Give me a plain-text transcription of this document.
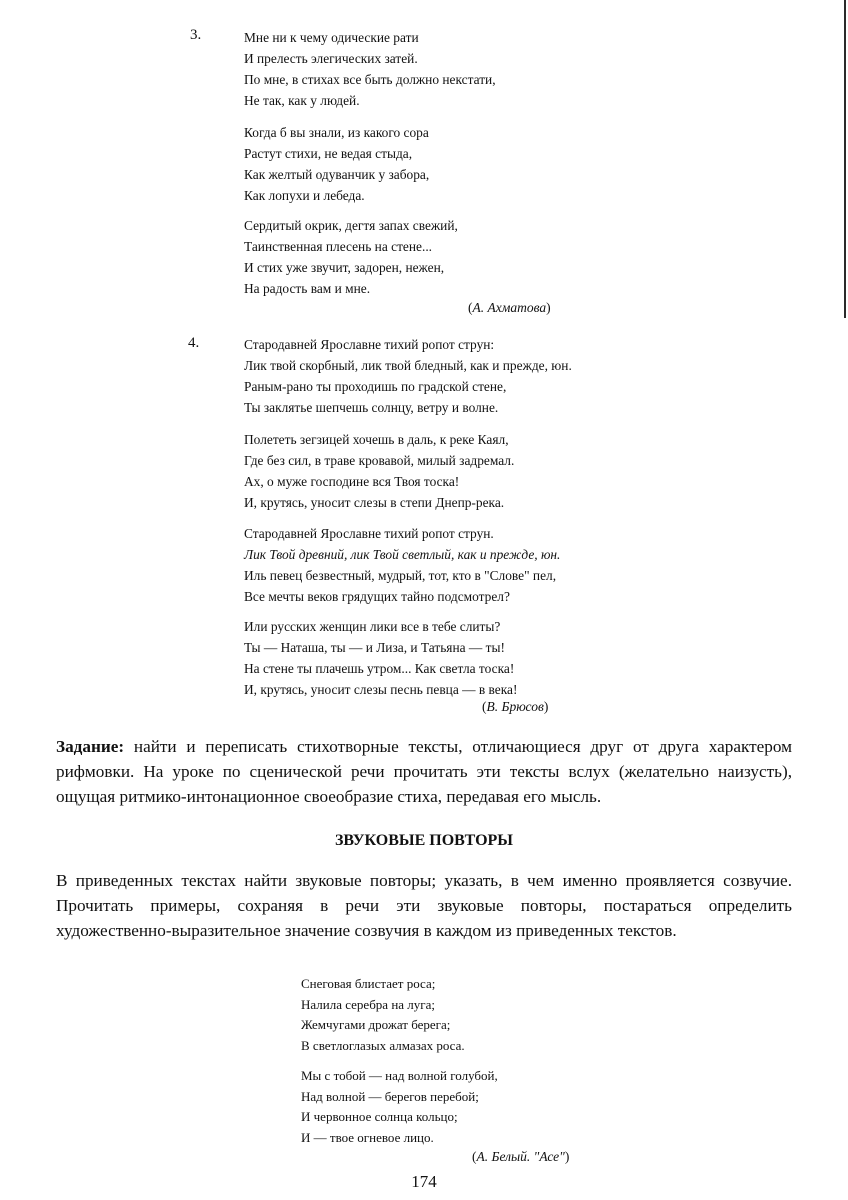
3.	Мне ни к чему одические рати
И прелесть элегических затей.
По мне, в стихах все быть должно некстати,
Не так, как у людей.
Когда б вы знали, из какого сора
Растут стихи, не ведая стыда,
Как желтый одуванчик у забора,
Как лопухи и лебеда.
Сердитый окрик, дегтя запах свежий,
Таинственная плесень на стене...
И стих уже звучит, задорен, нежен,
На радость вам и мне.
(А. Ахматова)
4.	Стародавней Ярославне тихий ропот струн:
Лик твой скорбный, лик твой бледный, как и прежде, юн.
Раным-рано ты проходишь по градской стене,
Ты заклятье шепчешь солнцу, ветру и волне.
Полететь зегзицей хочешь в даль, к реке Каял,
Где без сил, в траве кровавой, милый задремал.
Ах, о муже господине вся Твоя тоска!
И, крутясь, уносит слезы в степи Днепр-река.
Стародавней Ярославне тихий ропот струн.
Лик Твой древний, лик Твой светлый, как и прежде, юн.
Иль певец безвестный, мудрый, тот, кто в "Слове" пел,
Все мечты веков грядущих тайно подсмотрел?
Или русских женщин лики все в тебе слиты?
Ты — Наташа, ты — и Лиза, и Татьяна — ты!
На стене ты плачешь утром... Как светла тоска!
И, крутясь, уносит слезы песнь певца — в века!
(В. Брюсов)

Задание: найти и переписать стихотворные тексты, отличающиеся друг от друга характером рифмовки. На уроке по сценической речи прочитать эти тексты вслух (желательно наизусть), ощущая ритмико-интонационное своеобразие стиха, передавая его мысль.

ЗВУКОВЫЕ ПОВТОРЫ

В приведенных текстах найти звуковые повторы; указать, в чем именно проявляется созвучие. Прочитать примеры, сохраняя в речи эти звуковые повторы, постараться определить художественно-выразительное значение созвучия в каждом из приведенных текстов.

Снеговая блистает роса;
Налила серебра на луга;
Жемчугами дрожат берега;
В светлоглазых алмазах роса.
Мы с тобой — над волной голубой,
Над волной — берегов перебой;
И червонное солнца кольцо;
И — твое огневое лицо.
(А. Белый. "Асе")
174
